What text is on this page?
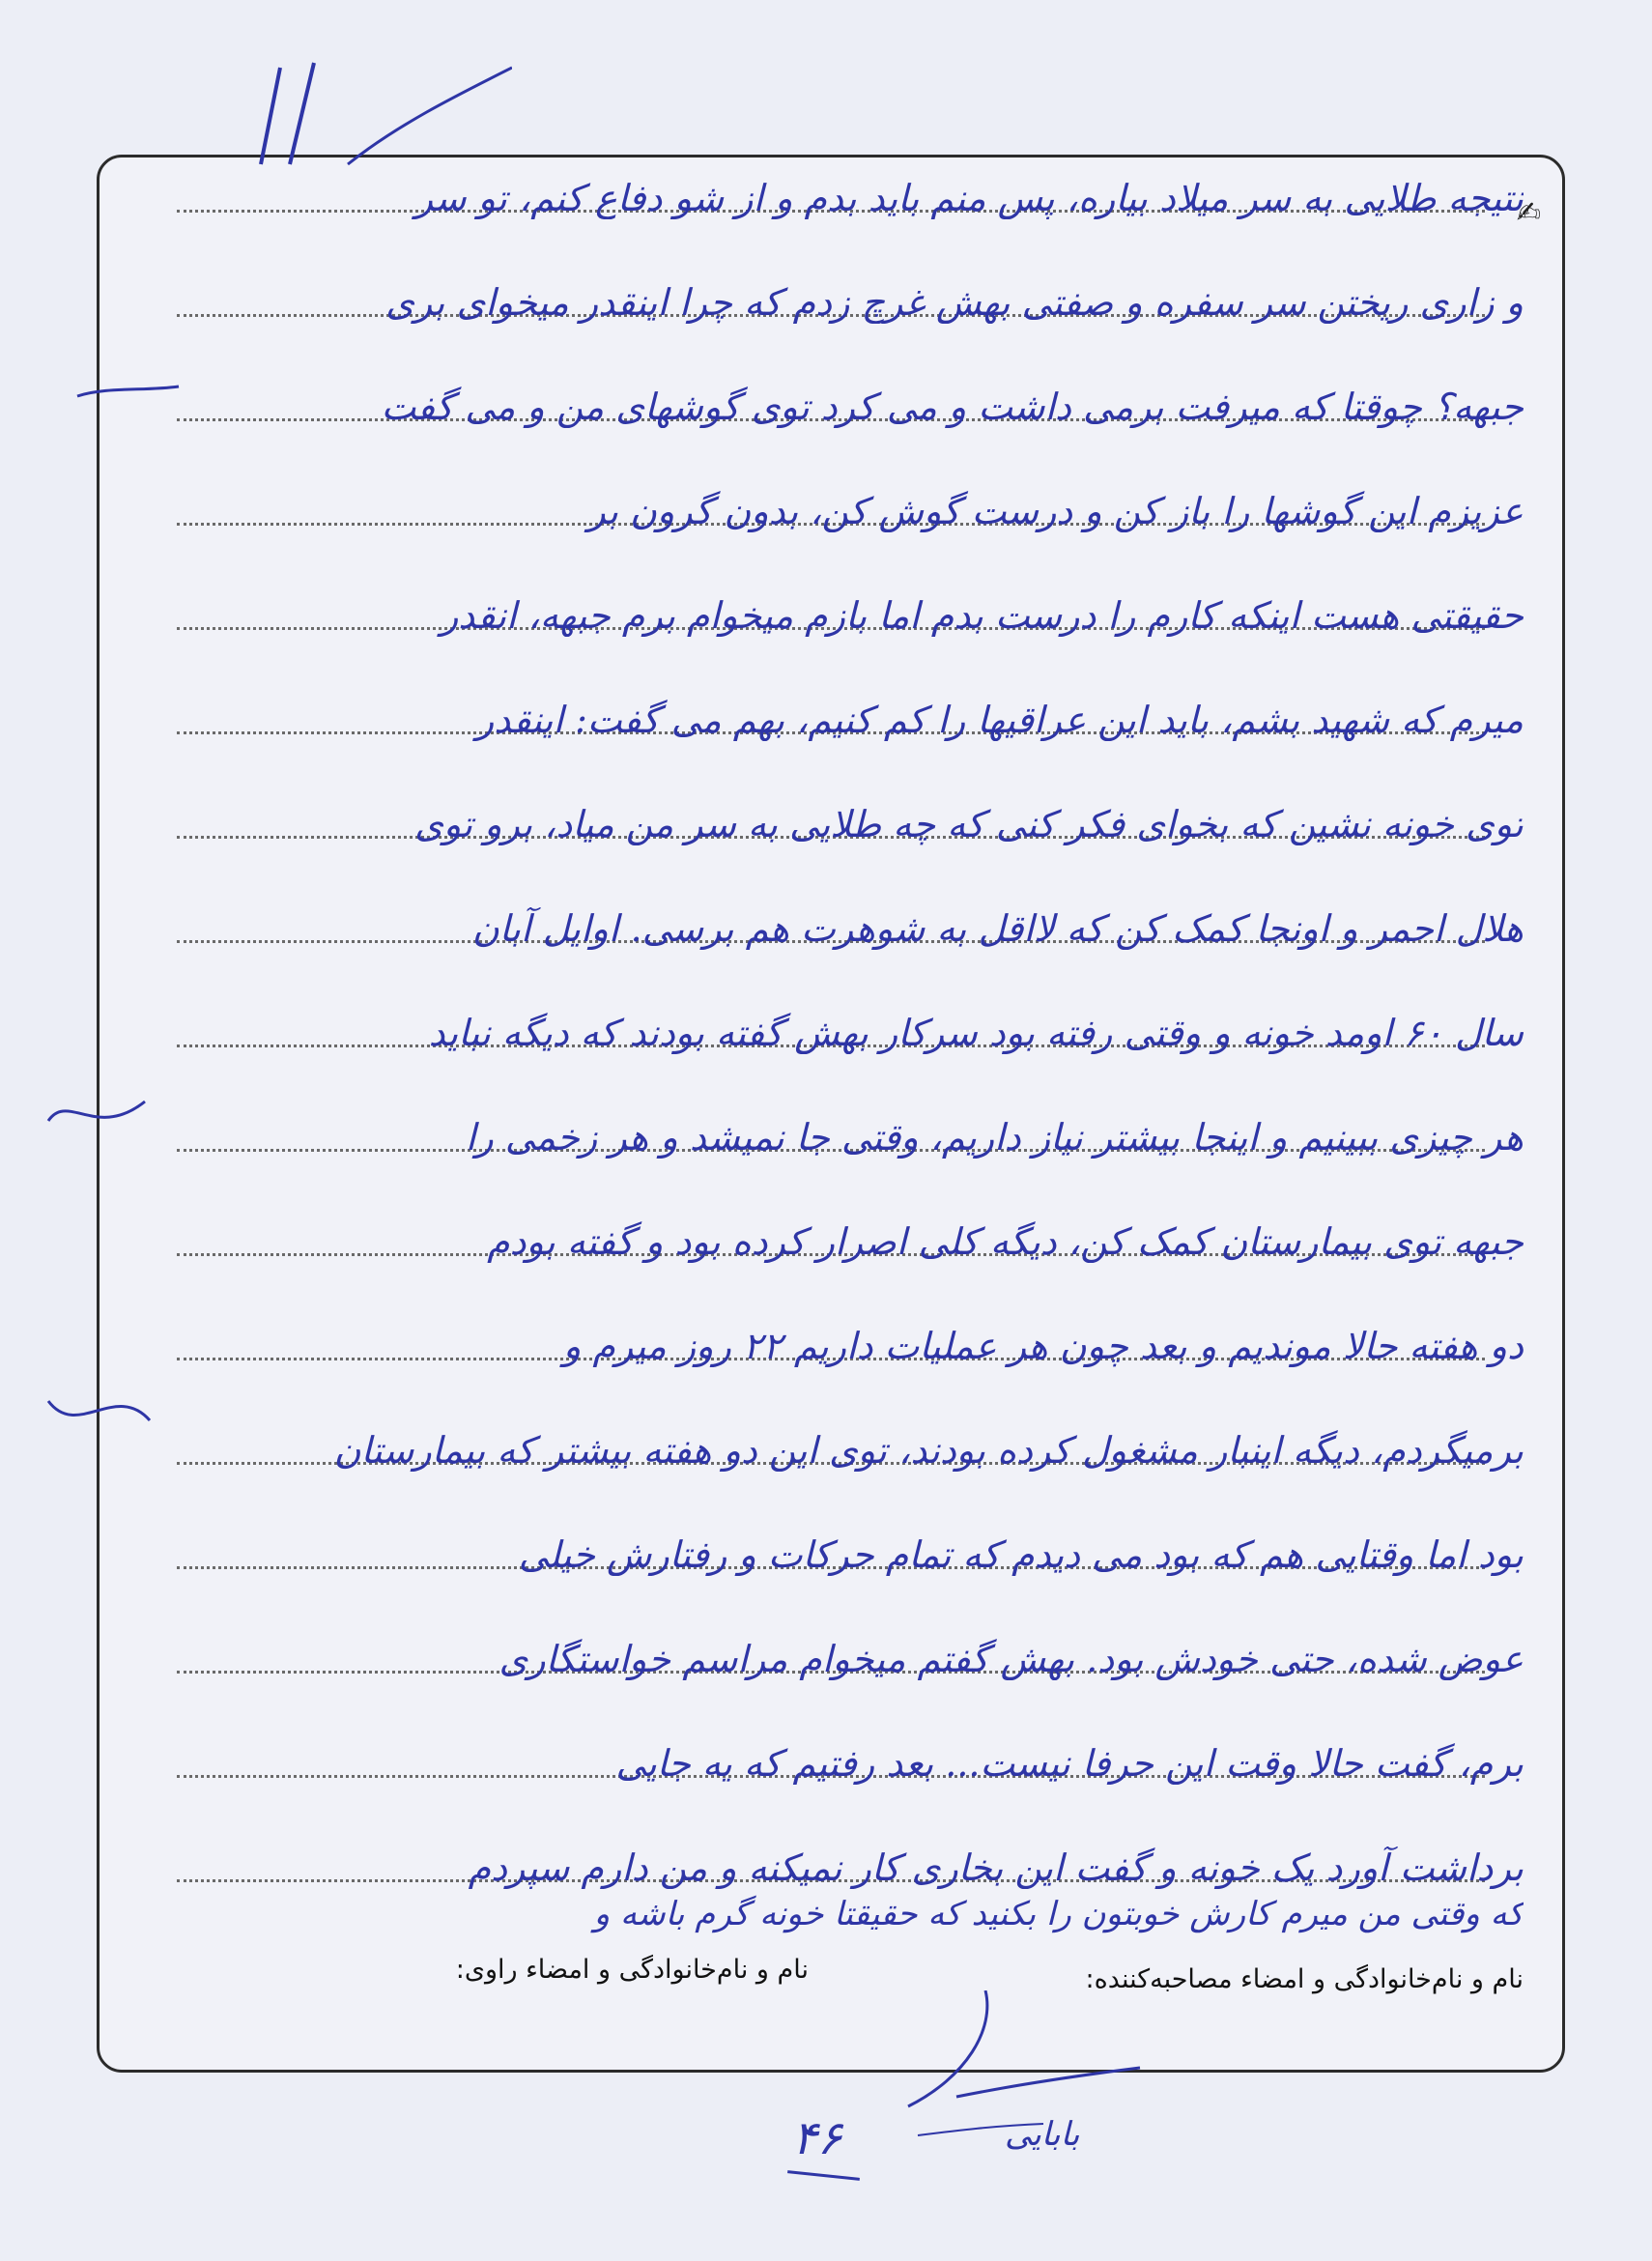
✍
نتیجه طلایی به سر میلاد بیاره، پس منم باید بدم و از شو دفاع کنم، تو سر
و زاری ریختن سر سفره و صفتی بهش غرچ زدم که چرا اینقدر میخوای بری
جبهه؟ چوقتا که میرفت برمی داشت و می کرد توی گوشهای من و می گفت
عزیزم این گوشها را باز کن و درست گوش کن، بدون گرون بر
حقیقتی هست اینکه کارم را درست بدم اما بازم میخوام برم جبهه، انقدر
میرم که شهید بشم، باید این عراقیها را کم کنیم، بهم می گفت: اینقدر
توی خونه نشین که بخوای فکر کنی که چه طلایی به سر من میاد، برو توی
هلال احمر و اونجا کمک کن که لااقل به شوهرت هم برسی. اوایل آبان
سال ۶۰ اومد خونه و وقتی رفته بود سرکار بهش گفته بودند که دیگه نباید
هر چیزی ببینیم و اینجا بیشتر نیاز داریم، وقتی جا نمیشد و هر زخمی را
جبهه توی بیمارستان کمک کن، دیگه کلی اصرار کرده بود و گفته بودم
دو هفته حالا موندیم و بعد چون هر عملیات داریم ۲۲ روز میرم و
برمیگردم، دیگه اینبار مشغول کرده بودند، توی این دو هفته بیشتر که بیمارستان
بود اما وقتایی هم که بود می دیدم که تمام حرکات و رفتارش خیلی
عوض شده، حتی خودش بود. بهش گفتم میخوام مراسم خواستگاری
برم، گفت حالا وقت این حرفا نیست... بعد رفتیم که یه جایی
برداشت آورد یک خونه و گفت این بخاری کار نمیکنه و من دارم سپردم
که وقتی من میرم کارش خوبتون را بکنید که حقیقتا خونه گرم باشه و
نام و نام‌خانوادگی و امضاء مصاحبه‌کننده:
نام و نام‌خانوادگی و امضاء راوی:
بابایی
۴۶
